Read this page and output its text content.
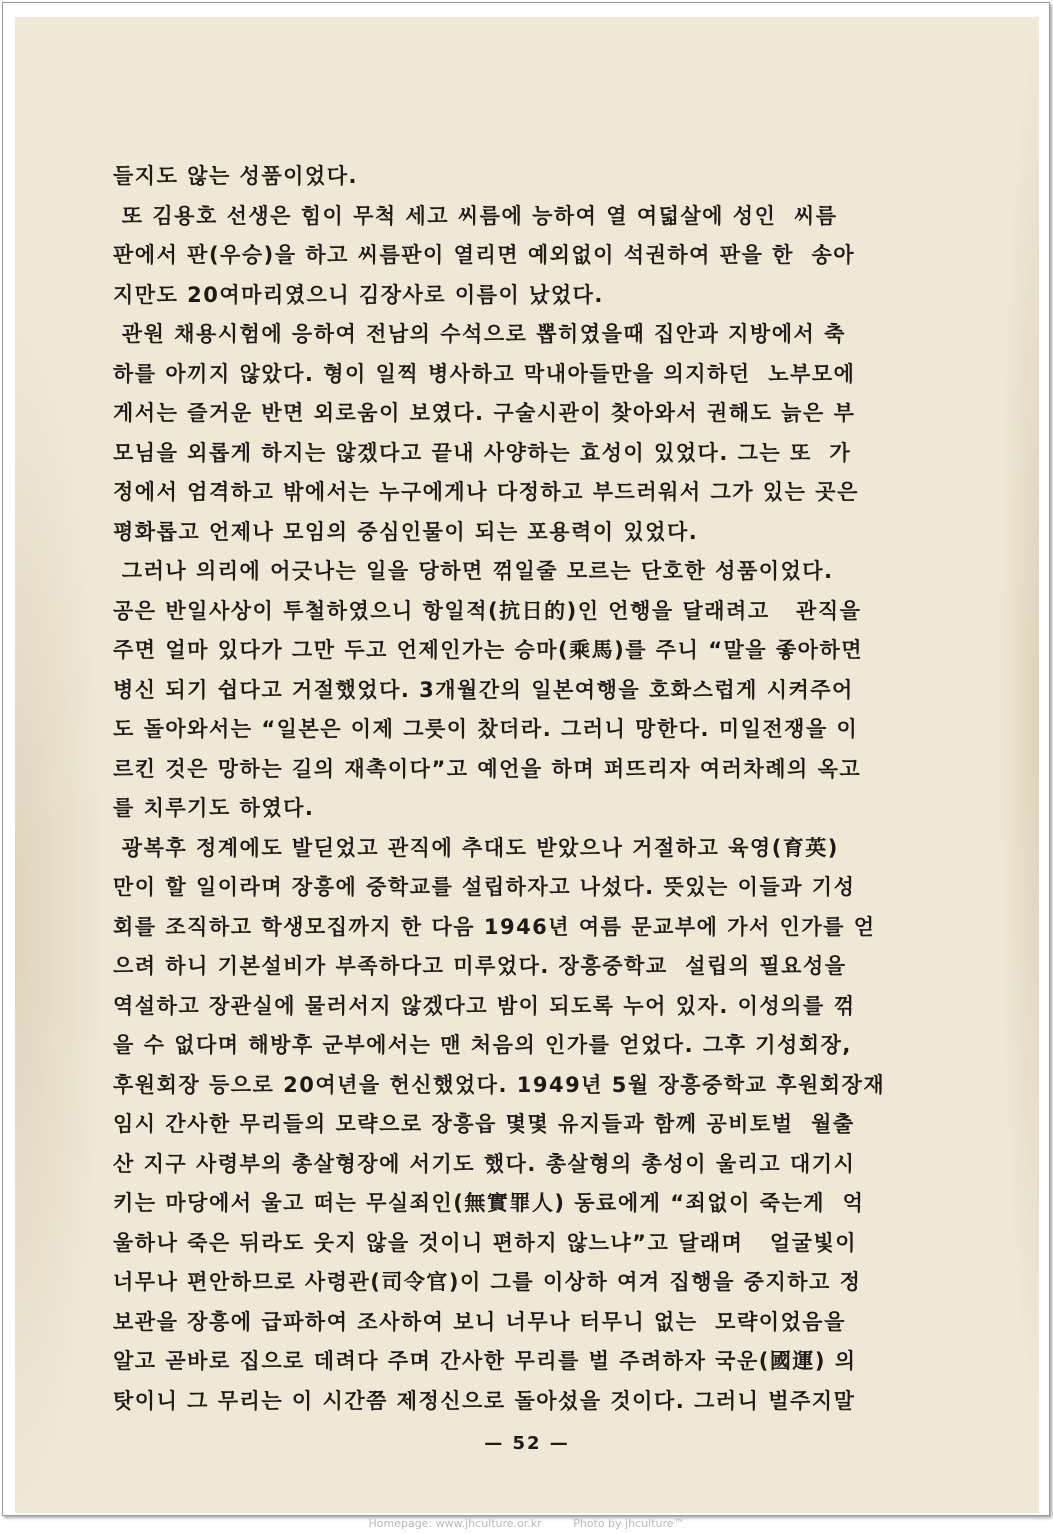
들지도 않는 성품이었다.
또 김용호 선생은 힘이 무척 세고 씨름에 능하여 열 여덟살에 성인  씨름
판에서 판(우승)을 하고 씨름판이 열리면 예외없이 석권하여 판을 한  송아
지만도 20여마리였으니 김장사로 이름이 났었다.
관원 채용시험에 응하여 전남의 수석으로 뽑히였을때 집안과 지방에서 축
하를 아끼지 않았다. 형이 일찍 병사하고 막내아들만을 의지하던  노부모에
게서는 즐거운 반면 외로움이 보였다. 구술시관이 찾아와서 권해도 늙은 부
모님을 외롭게 하지는 않겠다고 끝내 사양하는 효성이 있었다. 그는 또  가
정에서 엄격하고 밖에서는 누구에게나 다정하고 부드러워서 그가 있는 곳은
평화롭고 언제나 모임의 중심인물이 되는 포용력이 있었다.
그러나 의리에 어긋나는 일을 당하면 꺾일줄 모르는 단호한 성품이었다.
공은 반일사상이 투철하였으니 항일적(抗日的)인 언행을 달래려고   관직을
주면 얼마 있다가 그만 두고 언제인가는 승마(乘馬)를 주니 “말을 좋아하면
병신 되기 쉽다고 거절했었다. 3개월간의 일본여행을 호화스럽게 시켜주어
도 돌아와서는 “일본은 이제 그릇이 찼더라. 그러니 망한다. 미일전쟁을 이
르킨 것은 망하는 길의 재촉이다”고 예언을 하며 퍼뜨리자 여러차례의 옥고
를 치루기도 하였다.
광복후 정계에도 발딛었고 관직에 추대도 받았으나 거절하고 육영(育英)
만이 할 일이라며 장흥에 중학교를 설립하자고 나섰다. 뜻있는 이들과 기성
회를 조직하고 학생모집까지 한 다음 1946년 여름 문교부에 가서 인가를 얻
으려 하니 기본설비가 부족하다고 미루었다. 장흥중학교  설립의 필요성을
역설하고 장관실에 물러서지 않겠다고 밤이 되도록 누어 있자. 이성의를 꺾
을 수 없다며 해방후 군부에서는 맨 처음의 인가를 얻었다. 그후 기성회장,
후원회장 등으로 20여년을 헌신했었다. 1949년 5월 장흥중학교 후원회장재
임시 간사한 무리들의 모략으로 장흥읍 몇몇 유지들과 함께 공비토벌  월출
산 지구 사령부의 총살형장에 서기도 했다. 총살형의 총성이 울리고 대기시
키는 마당에서 울고 떠는 무실죄인(無實罪人) 동료에게 “죄없이 죽는게  억
울하나 죽은 뒤라도 웃지 않을 것이니 편하지 않느냐”고 달래며   얼굴빛이
너무나 편안하므로 사령관(司令官)이 그를 이상하 여겨 집행을 중지하고 정
보관을 장흥에 급파하여 조사하여 보니 너무나 터무니 없는  모략이었음을
알고 곧바로 집으로 데려다 주며 간사한 무리를 벌 주려하자 국운(國運) 의
탓이니 그 무리는 이 시간쯤 제정신으로 돌아섰을 것이다. 그러니 벌주지말
— 52 —
Homepage: www.jhculture.or.kr	Photo by jhculture™
